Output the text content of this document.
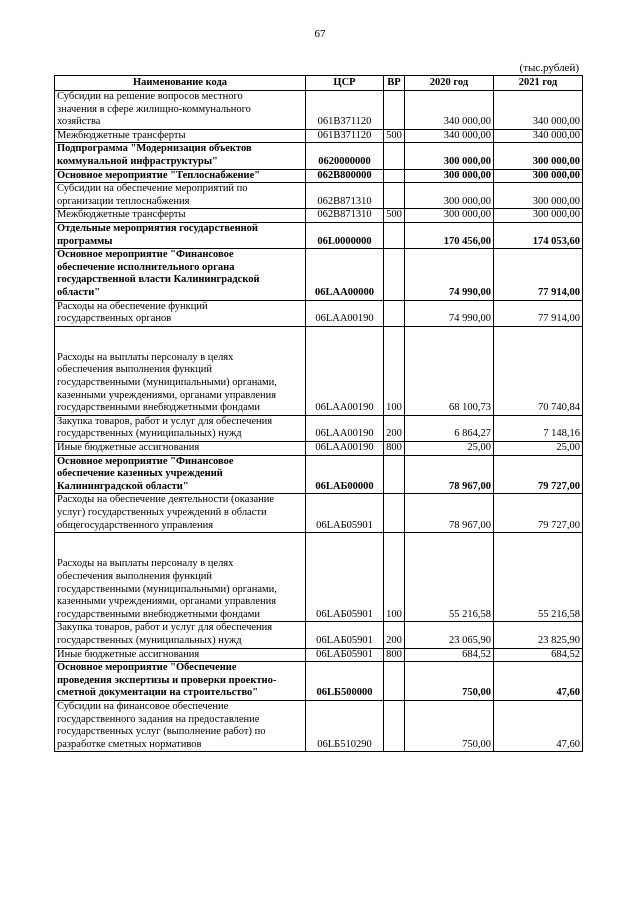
67
(тыс.рублей)
Наименование кода	ЦСР	ВР	2020 год	2021 год

Субсидии на решение вопросов местного
значения в сфере жилищно-коммунального
хозяйства	061B371120		340 000,00	340 000,00

Межбюджетные трансферты	061B371120	500	340 000,00	340 000,00

Подпрограмма "Модернизация объектов
коммунальной инфраструктуры"	0620000000		300 000,00	300 000,00

Основное мероприятие "Теплоснабжение"	062B800000		300 000,00	300 000,00

Субсидии на обеспечение мероприятий по
организации теплоснабжения	062B871310		300 000,00	300 000,00

Межбюджетные трансферты	062B871310	500	300 000,00	300 000,00

Отдельные мероприятия государственной
программы	06L0000000		170 456,00	174 053,60

Основное мероприятие "Финансовое
обеспечение исполнительного органа
государственной власти Калининградской
области"	06LAA00000		74 990,00	77 914,00

Расходы на обеспечение функций
государственных органов	06LAA00190		74 990,00	77 914,00

Расходы на выплаты персоналу в целях
обеспечения выполнения функций
государственными (муниципальными) органами,
казенными учреждениями, органами управления
государственными внебюджетными фондами	06LAA00190	100	68 100,73	70 740,84

Закупка товаров, работ и услуг для обеспечения
государственных (муниципальных) нужд	06LAA00190	200	6 864,27	7 148,16

Иные бюджетные ассигнования	06LAA00190	800	25,00	25,00

Основное мероприятие "Финансовое
обеспечение казенных учреждений
Калининградской области"	06LAБ00000		78 967,00	79 727,00

Расходы на обеспечение деятельности (оказание
услуг) государственных учреждений в области
общегосударственного управления	06LAБ05901		78 967,00	79 727,00

Расходы на выплаты персоналу в целях
обеспечения выполнения функций
государственными (муниципальными) органами,
казенными учреждениями, органами управления
государственными внебюджетными фондами	06LAБ05901	100	55 216,58	55 216,58

Закупка товаров, работ и услуг для обеспечения
государственных (муниципальных) нужд	06LAБ05901	200	23 065,90	23 825,90

Иные бюджетные ассигнования	06LAБ05901	800	684,52	684,52

Основное мероприятие "Обеспечение
проведения экспертизы и проверки проектно-
сметной документации на строительство"	06LБ500000		750,00	47,60

Субсидии на финансовое обеспечение
государственного задания на предоставление
государственных услуг (выполнение работ) по
разработке сметных нормативов	06LБ510290		750,00	47,60
